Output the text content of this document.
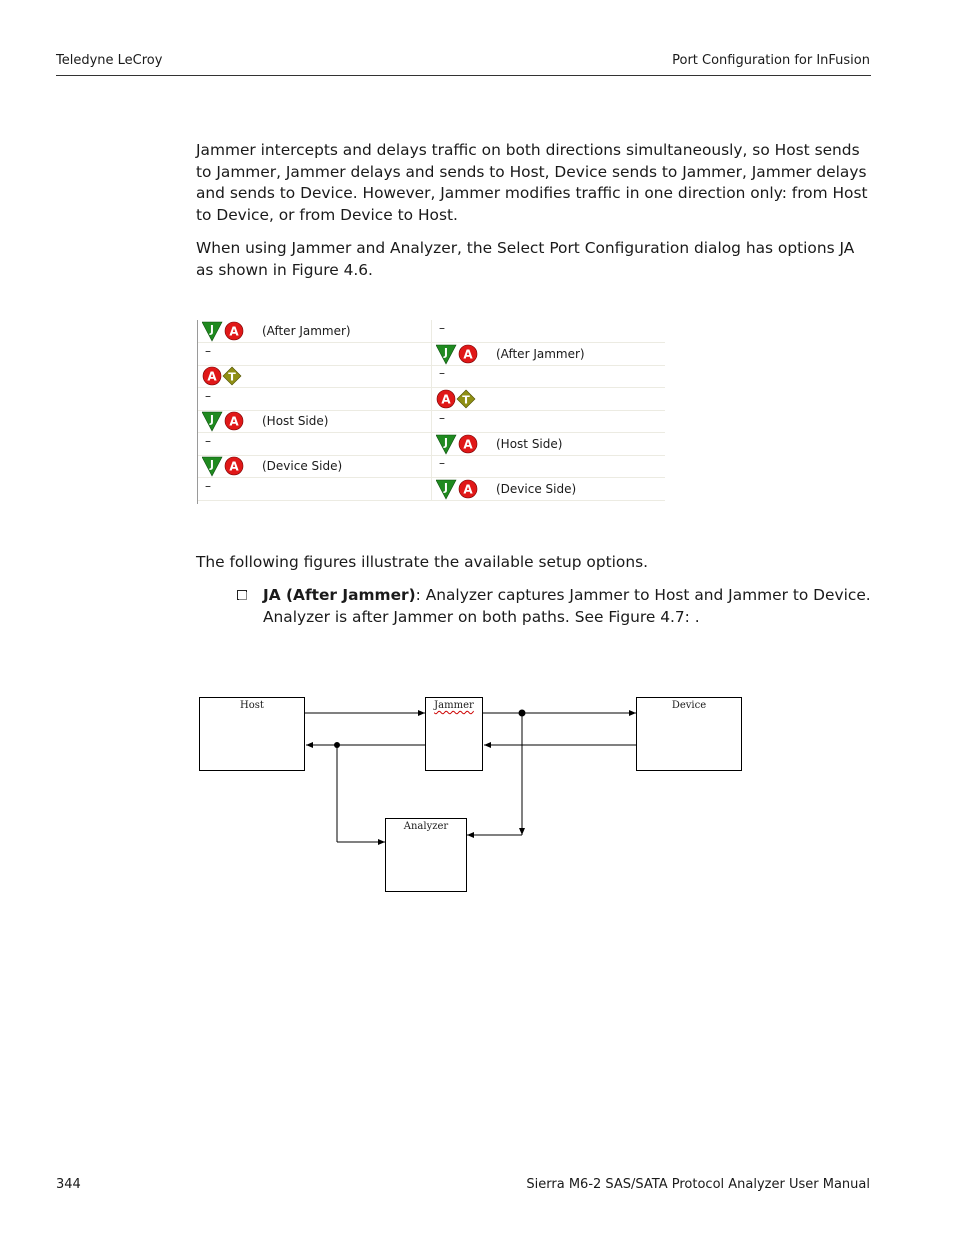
Teledyne LeCroy	Port Configuration for InFusion

Jammer intercepts and delays traffic on both directions simultaneously, so Host sends to Jammer, Jammer delays and sends to Host, Device sends to Jammer, Jammer delays and sends to Device. However, Jammer modifies traffic in one direction only: from Host to Device, or from Device to Host.

When using Jammer and Analyzer, the Select Port Configuration dialog has options JA as shown in Figure 4.6.

J A (After Jammer)	–
–	J A (After Jammer)
A T	–
–	A T
J A (Host Side)	–
–	J A (Host Side)
J A (Device Side)	–
–	J A (Device Side)

The following figures illustrate the available setup options.

JA (After Jammer): Analyzer captures Jammer to Host and Jammer to Device. Analyzer is after Jammer on both paths. See Figure 4.7: .

Host	Jammer	Device
Analyzer
344	Sierra M6-2 SAS/SATA Protocol Analyzer User Manual
